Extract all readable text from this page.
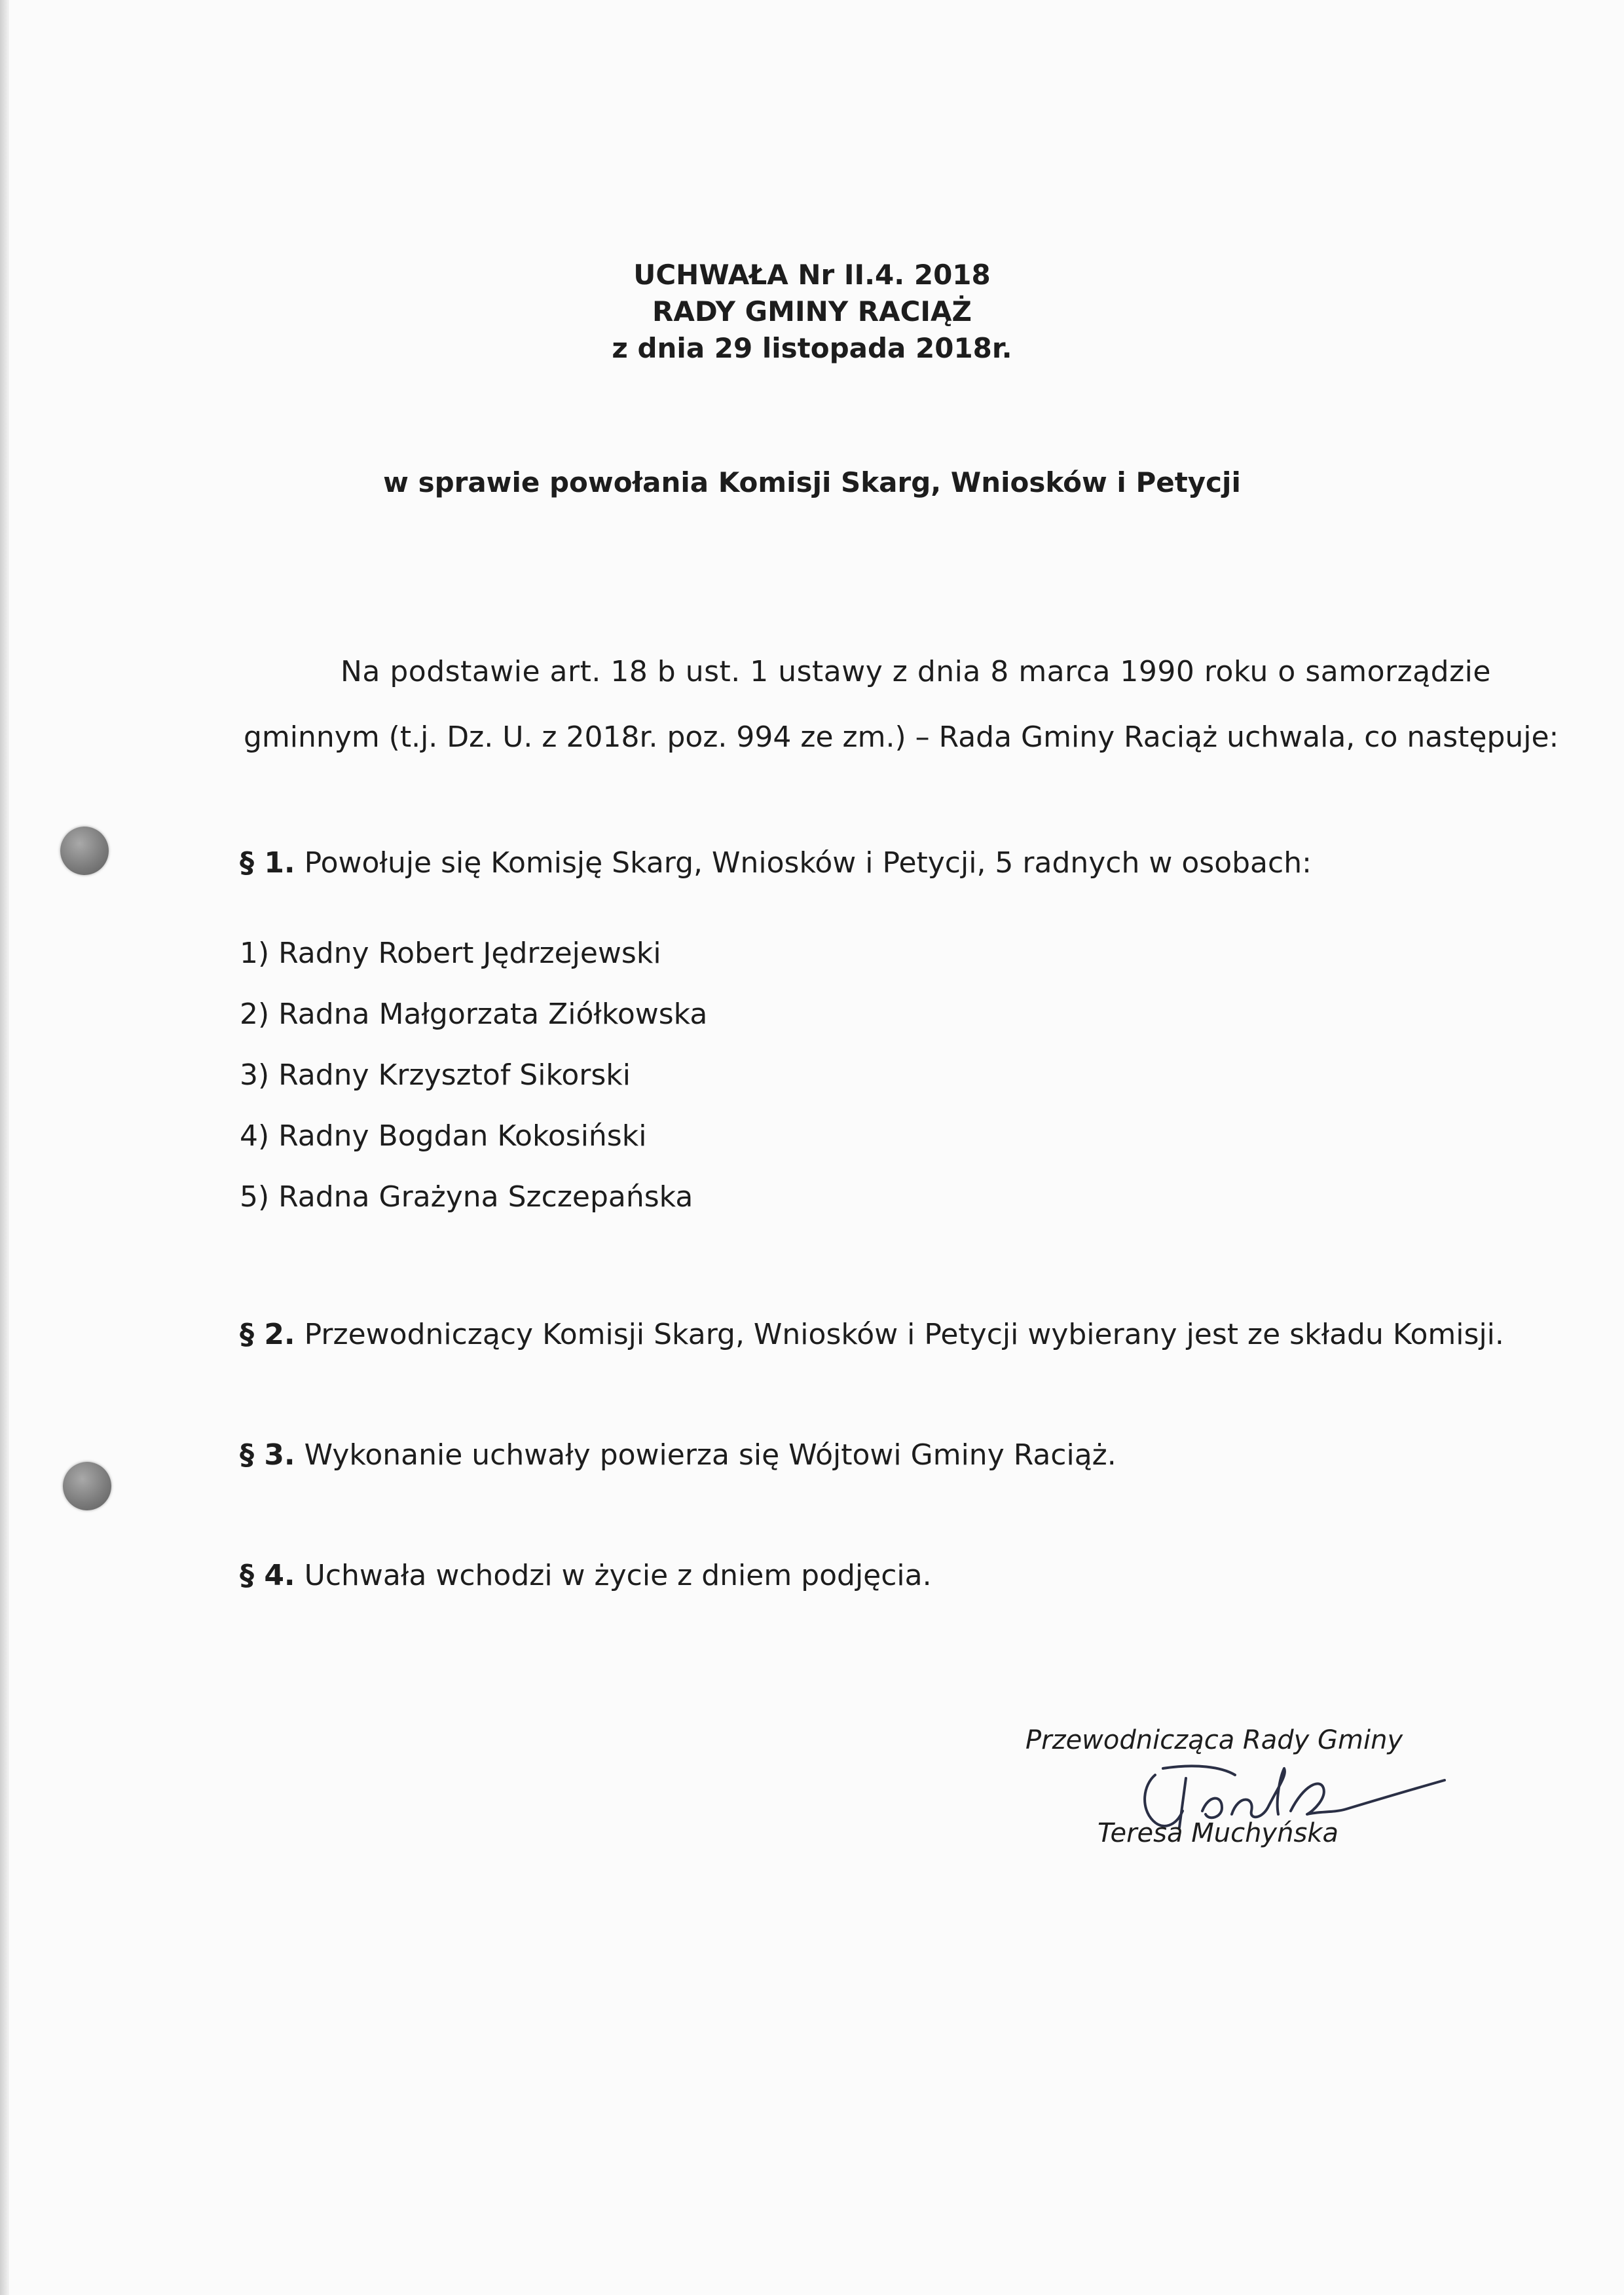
UCHWAŁA Nr II.4. 2018
RADY GMINY RACIĄŻ
z dnia 29 listopada 2018r.
w sprawie powołania Komisji Skarg, Wniosków i Petycji
Na podstawie art. 18 b ust. 1 ustawy z dnia 8 marca 1990 roku o samorządzie
gminnym (t.j. Dz. U. z 2018r. poz. 994 ze zm.) – Rada Gminy Raciąż uchwala, co następuje:
§ 1. Powołuje się Komisję Skarg, Wniosków i Petycji, 5 radnych w osobach:
1) Radny Robert Jędrzejewski
2) Radna Małgorzata Ziółkowska
3) Radny Krzysztof Sikorski
4) Radny Bogdan Kokosiński
5) Radna Grażyna Szczepańska
§ 2. Przewodniczący Komisji Skarg, Wniosków i Petycji wybierany jest ze składu Komisji.
§ 3. Wykonanie uchwały powierza się Wójtowi Gminy Raciąż.
§ 4. Uchwała wchodzi w życie z dniem podjęcia.
Przewodnicząca Rady Gminy
Teresa Muchyńska
